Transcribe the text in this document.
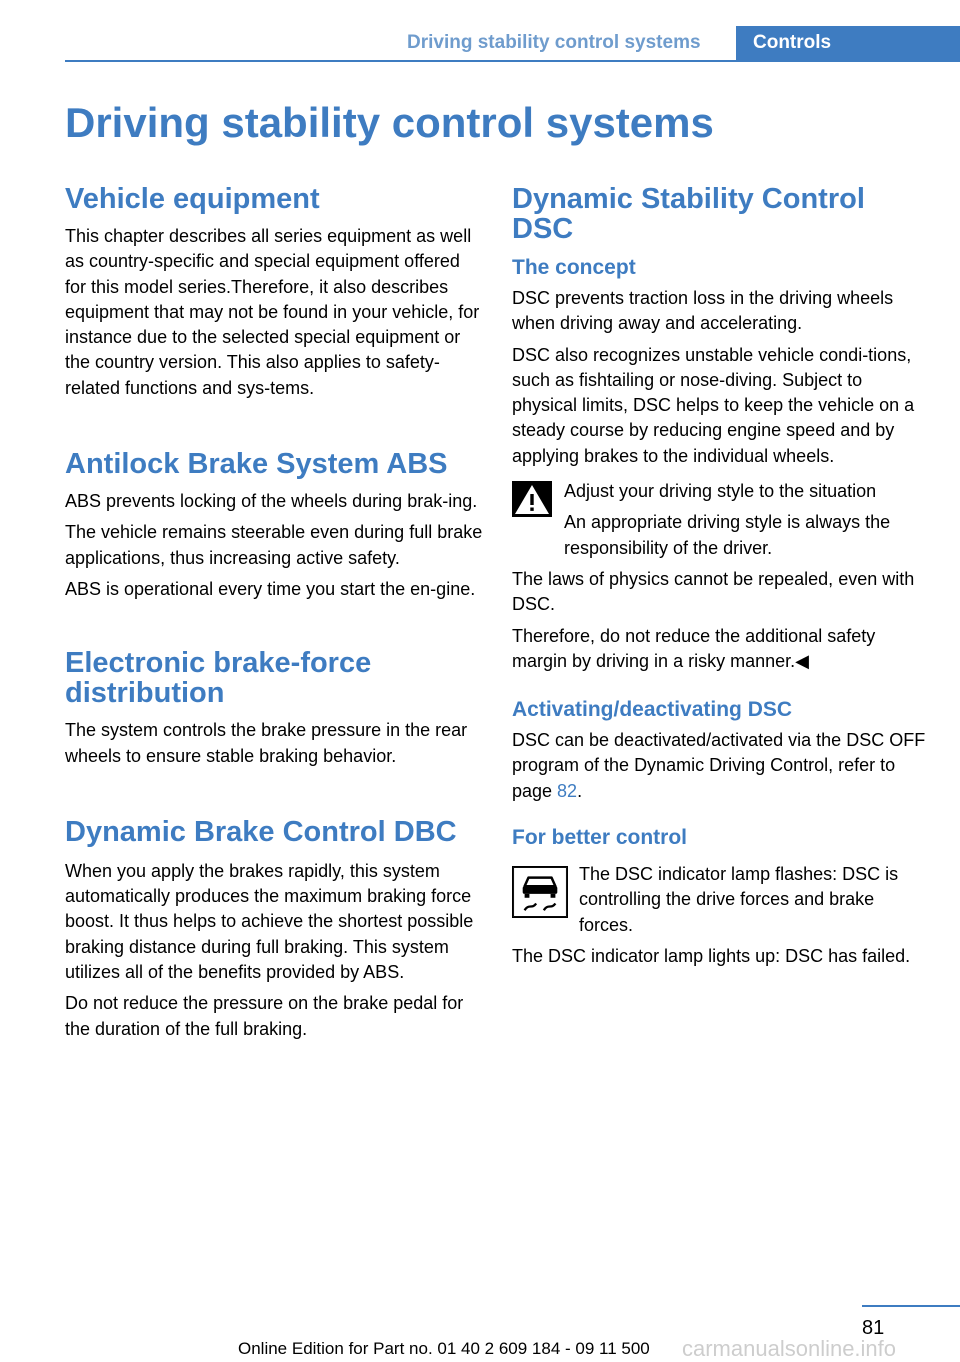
Driving stability control systems	Controls
Driving stability control systems
Vehicle equipment

This chapter describes all series equipment as well as country-specific and special equipment offered for this model series.Therefore, it also describes equipment that may not be found in your vehicle, for instance due to the selected special equipment or the country version. This also applies to safety-related functions and sys-tems.

Antilock Brake System ABS

ABS prevents locking of the wheels during brak-ing.

The vehicle remains steerable even during full brake applications, thus increasing active safety.

ABS is operational every time you start the en-gine.

Electronic brake-force distribution

The system controls the brake pressure in the rear wheels to ensure stable braking behavior.

Dynamic Brake Control DBC

When you apply the brakes rapidly, this system automatically produces the maximum braking force boost. It thus helps to achieve the shortest possible braking distance during full braking. This system utilizes all of the benefits provided by ABS.

Do not reduce the pressure on the brake pedal for the duration of the full braking.

Dynamic Stability Control DSC
The concept

DSC prevents traction loss in the driving wheels when driving away and accelerating.

DSC also recognizes unstable vehicle condi-tions, such as fishtailing or nose-diving. Subject to physical limits, DSC helps to keep the vehicle on a steady course by reducing engine speed and by applying brakes to the individual wheels.

Adjust your driving style to the situation

An appropriate driving style is always the responsibility of the driver.

The laws of physics cannot be repealed, even with DSC.

Therefore, do not reduce the additional safety margin by driving in a risky manner.◀

Activating/deactivating DSC

DSC can be deactivated/activated via the DSC OFF program of the Dynamic Driving Control, refer to page 82.

For better control

The DSC indicator lamp flashes: DSC is controlling the drive forces and brake forces.

The DSC indicator lamp lights up: DSC has failed.

81
Online Edition for Part no. 01 40 2 609 184 - 09 11 500 carmanualsonline.info
